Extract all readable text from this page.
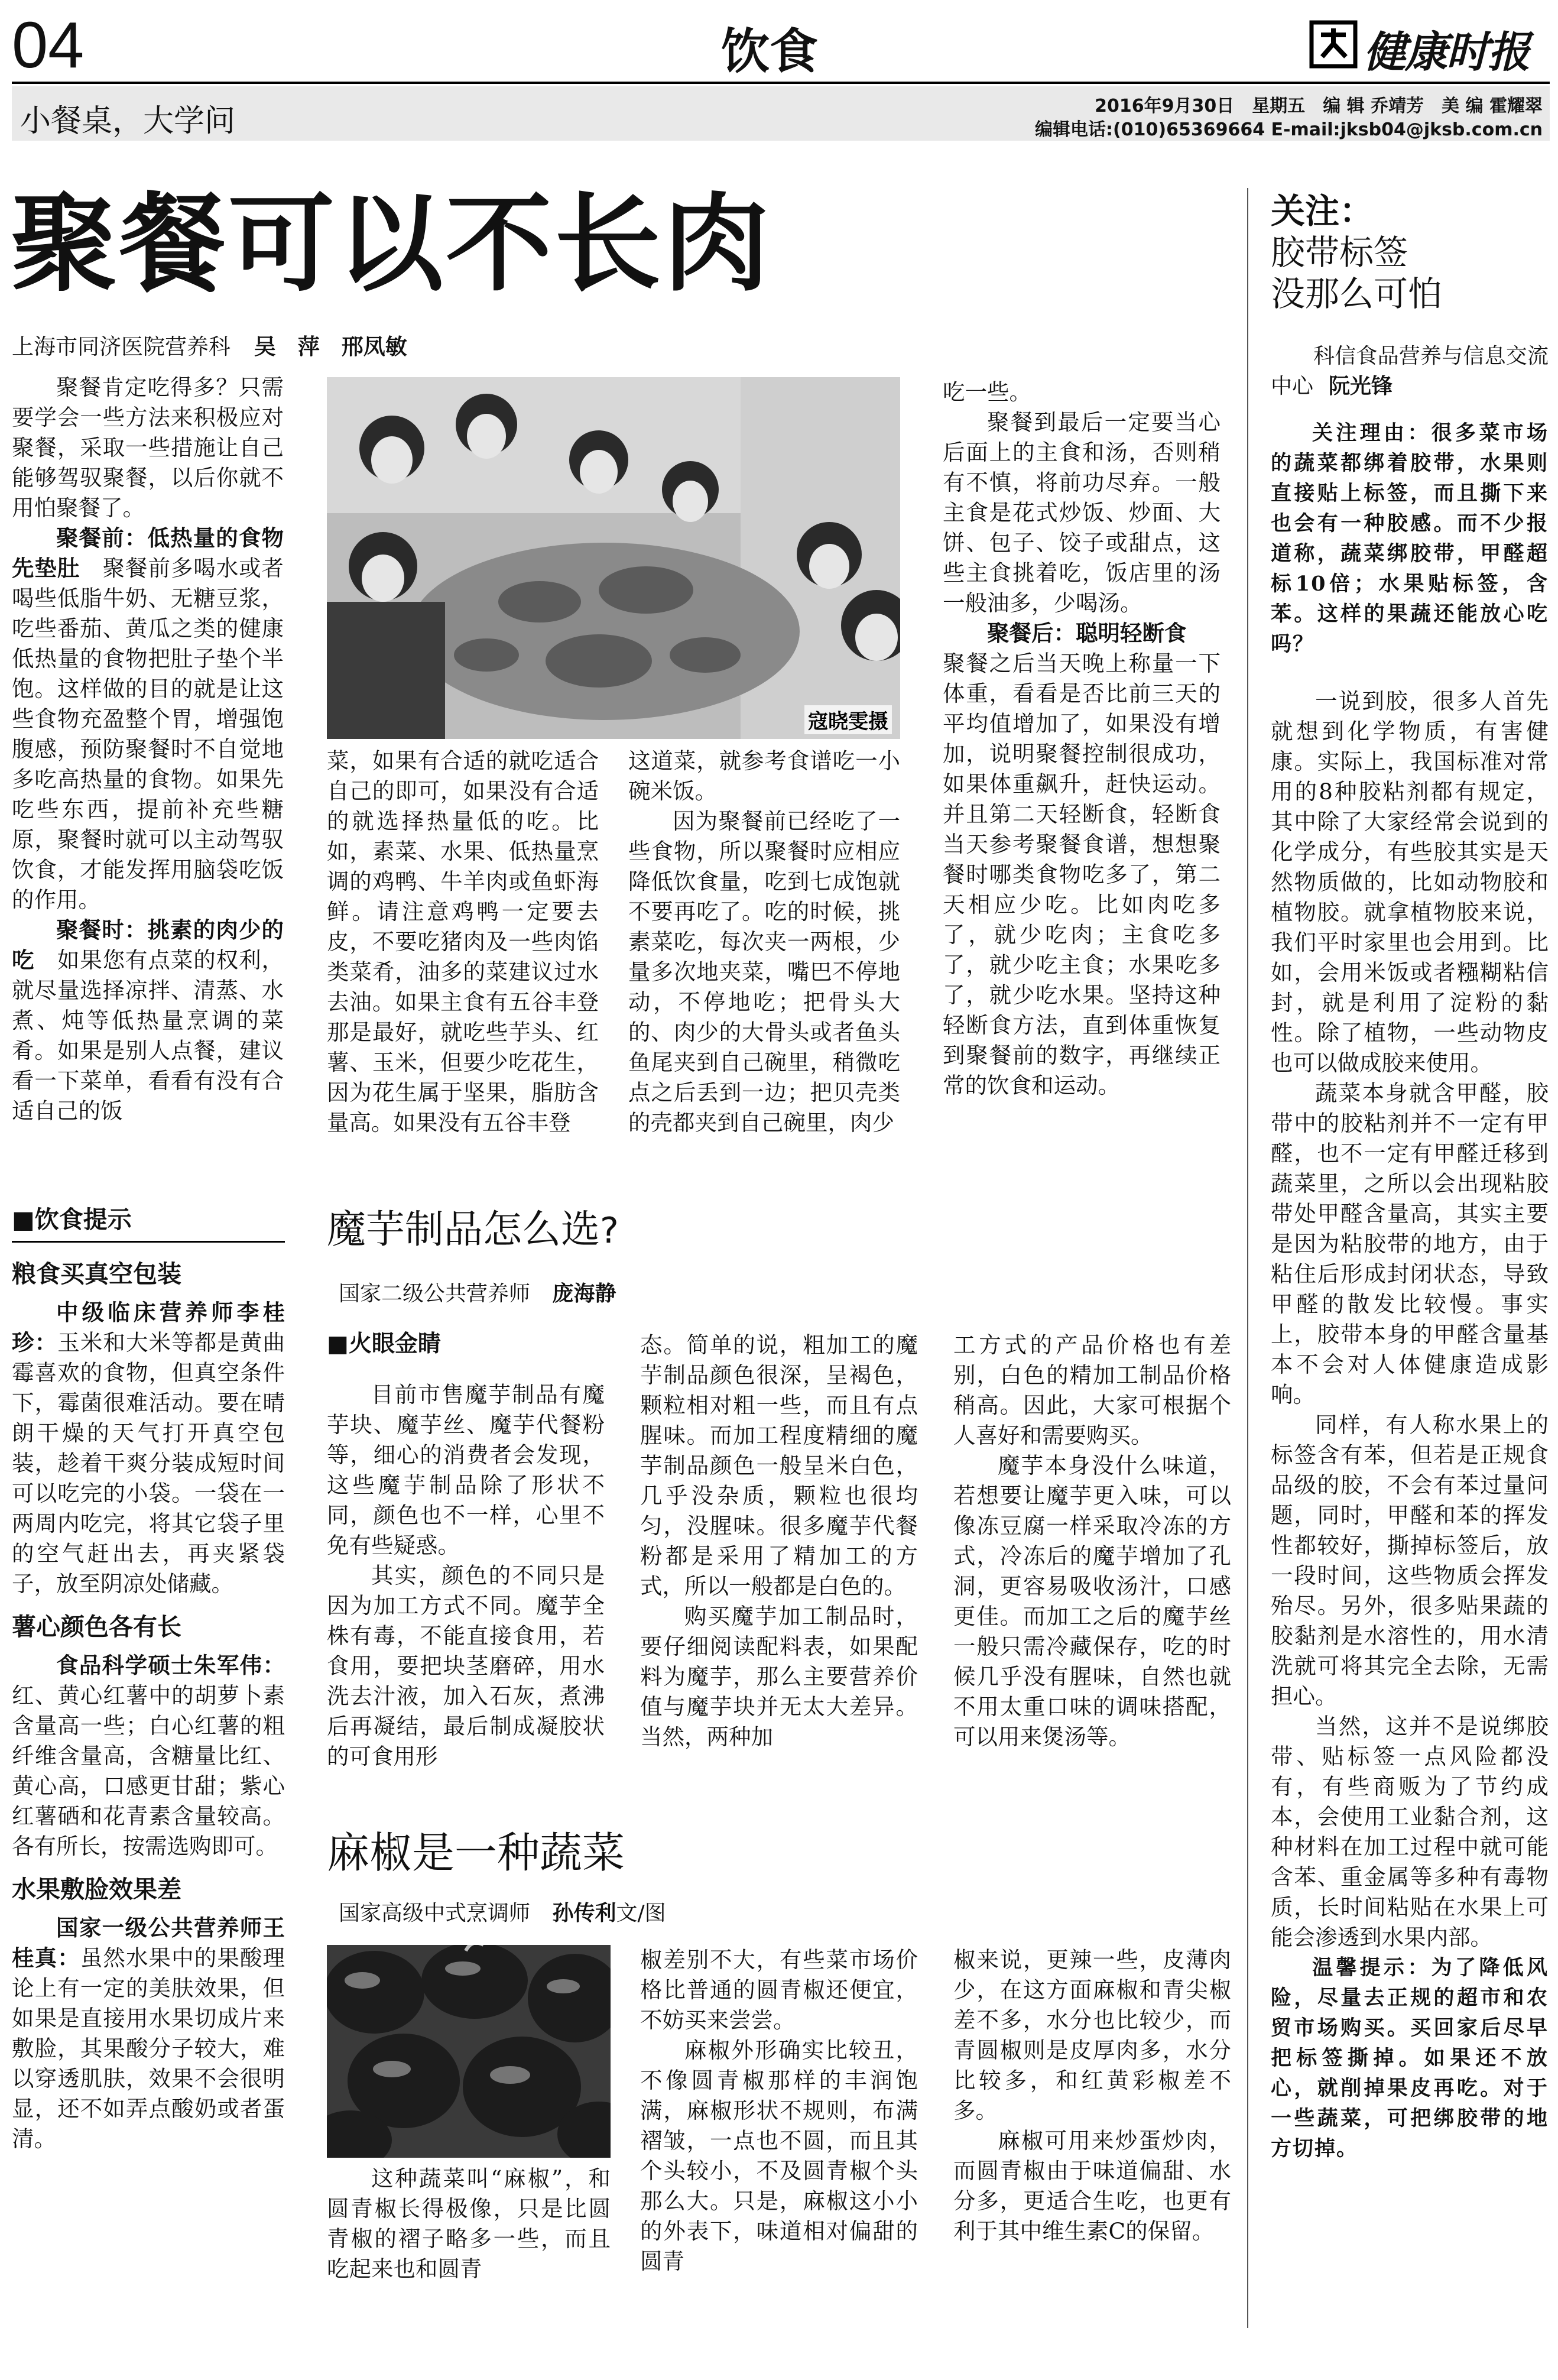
04	饮食	健康时报
小餐桌，大学问	2016年9月30日　星期五　编 辑 乔靖芳　美 编 霍耀翠
编辑电话:(010)65369664 E-mail:jksb04@jksb.com.cn
聚餐可以不长肉
上海市同济医院营养科 吴　萍　邢凤敏

聚餐肯定吃得多？只需要学会一些方法来积极应对聚餐，采取一些措施让自己能够驾驭聚餐，以后你就不用怕聚餐了。

聚餐前：低热量的食物先垫肚　聚餐前多喝水或者喝些低脂牛奶、无糖豆浆，吃些番茄、黄瓜之类的健康低热量的食物把肚子垫个半饱。这样做的目的就是让这些食物充盈整个胃，增强饱腹感，预防聚餐时不自觉地多吃高热量的食物。如果先吃些东西，提前补充些糖原，聚餐时就可以主动驾驭饮食，才能发挥用脑袋吃饭的作用。

聚餐时：挑素的肉少的吃　如果您有点菜的权利，就尽量选择凉拌、清蒸、水煮、炖等低热量烹调的菜肴。如果是别人点餐，建议看一下菜单，看看有没有合适自己的饭

寇晓雯摄

菜，如果有合适的就吃适合自己的即可，如果没有合适的就选择热量低的吃。比如，素菜、水果、低热量烹调的鸡鸭、牛羊肉或鱼虾海鲜。请注意鸡鸭一定要去皮，不要吃猪肉及一些肉馅类菜肴，油多的菜建议过水去油。如果主食有五谷丰登那是最好，就吃些芋头、红薯、玉米，但要少吃花生，因为花生属于坚果，脂肪含量高。如果没有五谷丰登

这道菜，就参考食谱吃一小碗米饭。

因为聚餐前已经吃了一些食物，所以聚餐时应相应降低饮食量，吃到七成饱就不要再吃了。吃的时候，挑素菜吃，每次夹一两根，少量多次地夹菜，嘴巴不停地动，不停地吃；把骨头大的、肉少的大骨头或者鱼头鱼尾夹到自己碗里，稍微吃点之后丢到一边；把贝壳类的壳都夹到自己碗里，肉少

吃一些。

聚餐到最后一定要当心后面上的主食和汤，否则稍有不慎，将前功尽弃。一般主食是花式炒饭、炒面、大饼、包子、饺子或甜点，这些主食挑着吃，饭店里的汤一般油多，少喝汤。

聚餐后：聪明轻断食

聚餐之后当天晚上称量一下体重，看看是否比前三天的平均值增加了，如果没有增加，说明聚餐控制很成功，如果体重飙升，赶快运动。并且第二天轻断食，轻断食当天参考聚餐食谱，想想聚餐时哪类食物吃多了，第二天相应少吃。比如肉吃多了，就少吃肉；主食吃多了，就少吃主食；水果吃多了，就少吃水果。坚持这种轻断食方法，直到体重恢复到聚餐前的数字，再继续正常的饮食和运动。

■饮食提示
粮食买真空包装

中级临床营养师李桂珍：玉米和大米等都是黄曲霉喜欢的食物，但真空条件下，霉菌很难活动。要在晴朗干燥的天气打开真空包装，趁着干爽分装成短时间可以吃完的小袋。一袋在一两周内吃完，将其它袋子里的空气赶出去，再夹紧袋子，放至阴凉处储藏。

薯心颜色各有长

食品科学硕士朱军伟：红、黄心红薯中的胡萝卜素含量高一些；白心红薯的粗纤维含量高，含糖量比红、黄心高，口感更甘甜；紫心红薯硒和花青素含量较高。各有所长，按需选购即可。

水果敷脸效果差

国家一级公共营养师王桂真：虽然水果中的果酸理论上有一定的美肤效果，但如果是直接用水果切成片来敷脸，其果酸分子较大，难以穿透肌肤，效果不会很明显，还不如弄点酸奶或者蛋清。

魔芋制品怎么选?
国家二级公共营养师 庞海静
■火眼金睛

目前市售魔芋制品有魔芋块、魔芋丝、魔芋代餐粉等，细心的消费者会发现，这些魔芋制品除了形状不同，颜色也不一样，心里不免有些疑惑。

其实，颜色的不同只是因为加工方式不同。魔芋全株有毒，不能直接食用，若食用，要把块茎磨碎，用水洗去汁液，加入石灰，煮沸后再凝结，最后制成凝胶状的可食用形

态。简单的说，粗加工的魔芋制品颜色很深，呈褐色，颗粒相对粗一些，而且有点腥味。而加工程度精细的魔芋制品颜色一般呈米白色，几乎没杂质，颗粒也很均匀，没腥味。很多魔芋代餐粉都是采用了精加工的方式，所以一般都是白色的。

购买魔芋加工制品时，要仔细阅读配料表，如果配料为魔芋，那么主要营养价值与魔芋块并无太大差异。当然，两种加

工方式的产品价格也有差别，白色的精加工制品价格稍高。因此，大家可根据个人喜好和需要购买。

魔芋本身没什么味道，若想要让魔芋更入味，可以像冻豆腐一样采取冷冻的方式，冷冻后的魔芋增加了孔洞，更容易吸收汤汁，口感更佳。而加工之后的魔芋丝一般只需冷藏保存，吃的时候几乎没有腥味，自然也就不用太重口味的调味搭配，可以用来煲汤等。

麻椒是一种蔬菜
国家高级中式烹调师 孙传利文/图

这种蔬菜叫“麻椒”，和圆青椒长得极像，只是比圆青椒的褶子略多一些，而且吃起来也和圆青

椒差别不大，有些菜市场价格比普通的圆青椒还便宜，不妨买来尝尝。

麻椒外形确实比较丑，不像圆青椒那样的丰润饱满，麻椒形状不规则，布满褶皱，一点也不圆，而且其个头较小，不及圆青椒个头那么大。只是，麻椒这小小的外表下，味道相对偏甜的圆青

椒来说，更辣一些，皮薄肉少，在这方面麻椒和青尖椒差不多，水分也比较少，而青圆椒则是皮厚肉多，水分比较多，和红黄彩椒差不多。

麻椒可用来炒蛋炒肉，而圆青椒由于味道偏甜、水分多，更适合生吃，也更有利于其中维生素C的保留。

关注：
胶带标签
没那么可怕
科信食品营养与信息交流中心 阮光锋

关注理由：很多菜市场的蔬菜都绑着胶带，水果则直接贴上标签，而且撕下来也会有一种胶感。而不少报道称，蔬菜绑胶带，甲醛超标10倍；水果贴标签，含苯。这样的果蔬还能放心吃吗？

一说到胶，很多人首先就想到化学物质，有害健康。实际上，我国标准对常用的8种胶粘剂都有规定，其中除了大家经常会说到的化学成分，有些胶其实是天然物质做的，比如动物胶和植物胶。就拿植物胶来说，我们平时家里也会用到。比如，会用米饭或者糨糊粘信封，就是利用了淀粉的黏性。除了植物，一些动物皮也可以做成胶来使用。

蔬菜本身就含甲醛，胶带中的胶粘剂并不一定有甲醛，也不一定有甲醛迁移到蔬菜里，之所以会出现粘胶带处甲醛含量高，其实主要是因为粘胶带的地方，由于粘住后形成封闭状态，导致甲醛的散发比较慢。事实上，胶带本身的甲醛含量基本不会对人体健康造成影响。

同样，有人称水果上的标签含有苯，但若是正规食品级的胶，不会有苯过量问题，同时，甲醛和苯的挥发性都较好，撕掉标签后，放一段时间，这些物质会挥发殆尽。另外，很多贴果蔬的胶黏剂是水溶性的，用水清洗就可将其完全去除，无需担心。

当然，这并不是说绑胶带、贴标签一点风险都没有，有些商贩为了节约成本，会使用工业黏合剂，这种材料在加工过程中就可能含苯、重金属等多种有毒物质，长时间粘贴在水果上可能会渗透到水果内部。

温馨提示：为了降低风险，尽量去正规的超市和农贸市场购买。买回家后尽早把标签撕掉。如果还不放心，就削掉果皮再吃。对于一些蔬菜，可把绑胶带的地方切掉。
